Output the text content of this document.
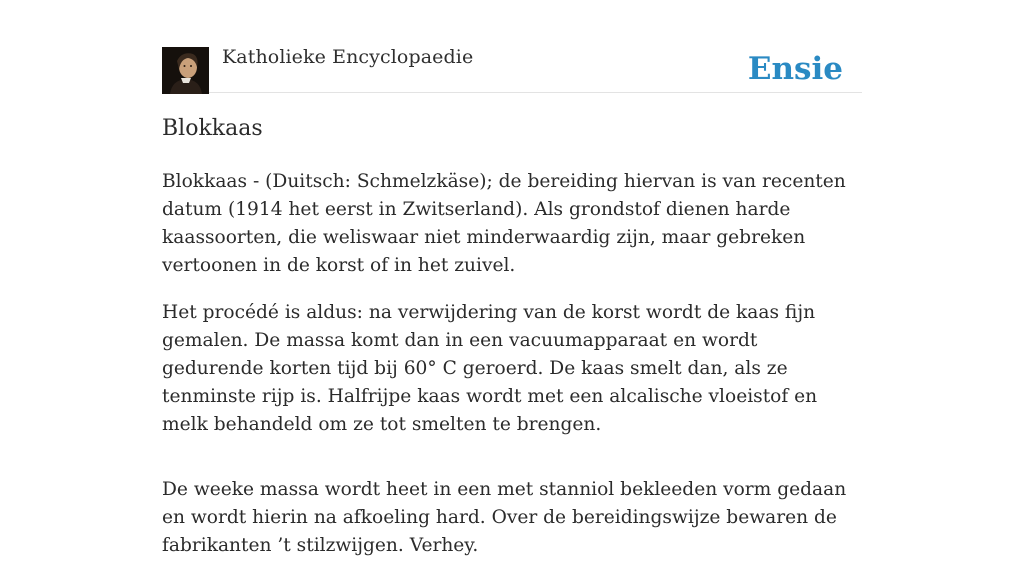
Katholieke Encyclopaedie	Ensie
Blokkaas

Blokkaas - (Duitsch: Schmelzkäse); de bereiding hiervan is van recenten datum (1914 het eerst in Zwitserland). Als grondstof dienen harde kaassoorten, die weliswaar niet minderwaardig zijn, maar gebreken vertoonen in de korst of in het zuivel.

Het procédé is aldus: na verwijdering van de korst wordt de kaas fijn gemalen. De massa komt dan in een vacuumapparaat en wordt gedurende korten tijd bij 60° C geroerd. De kaas smelt dan, als ze tenminste rijp is. Halfrijpe kaas wordt met een alcalische vloeistof en melk behandeld om ze tot smelten te brengen.

De weeke massa wordt heet in een met stanniol bekleeden vorm gedaan en wordt hierin na afkoeling hard. Over de bereidingswijze bewaren de fabrikanten ’t stilzwijgen. Verhey.
